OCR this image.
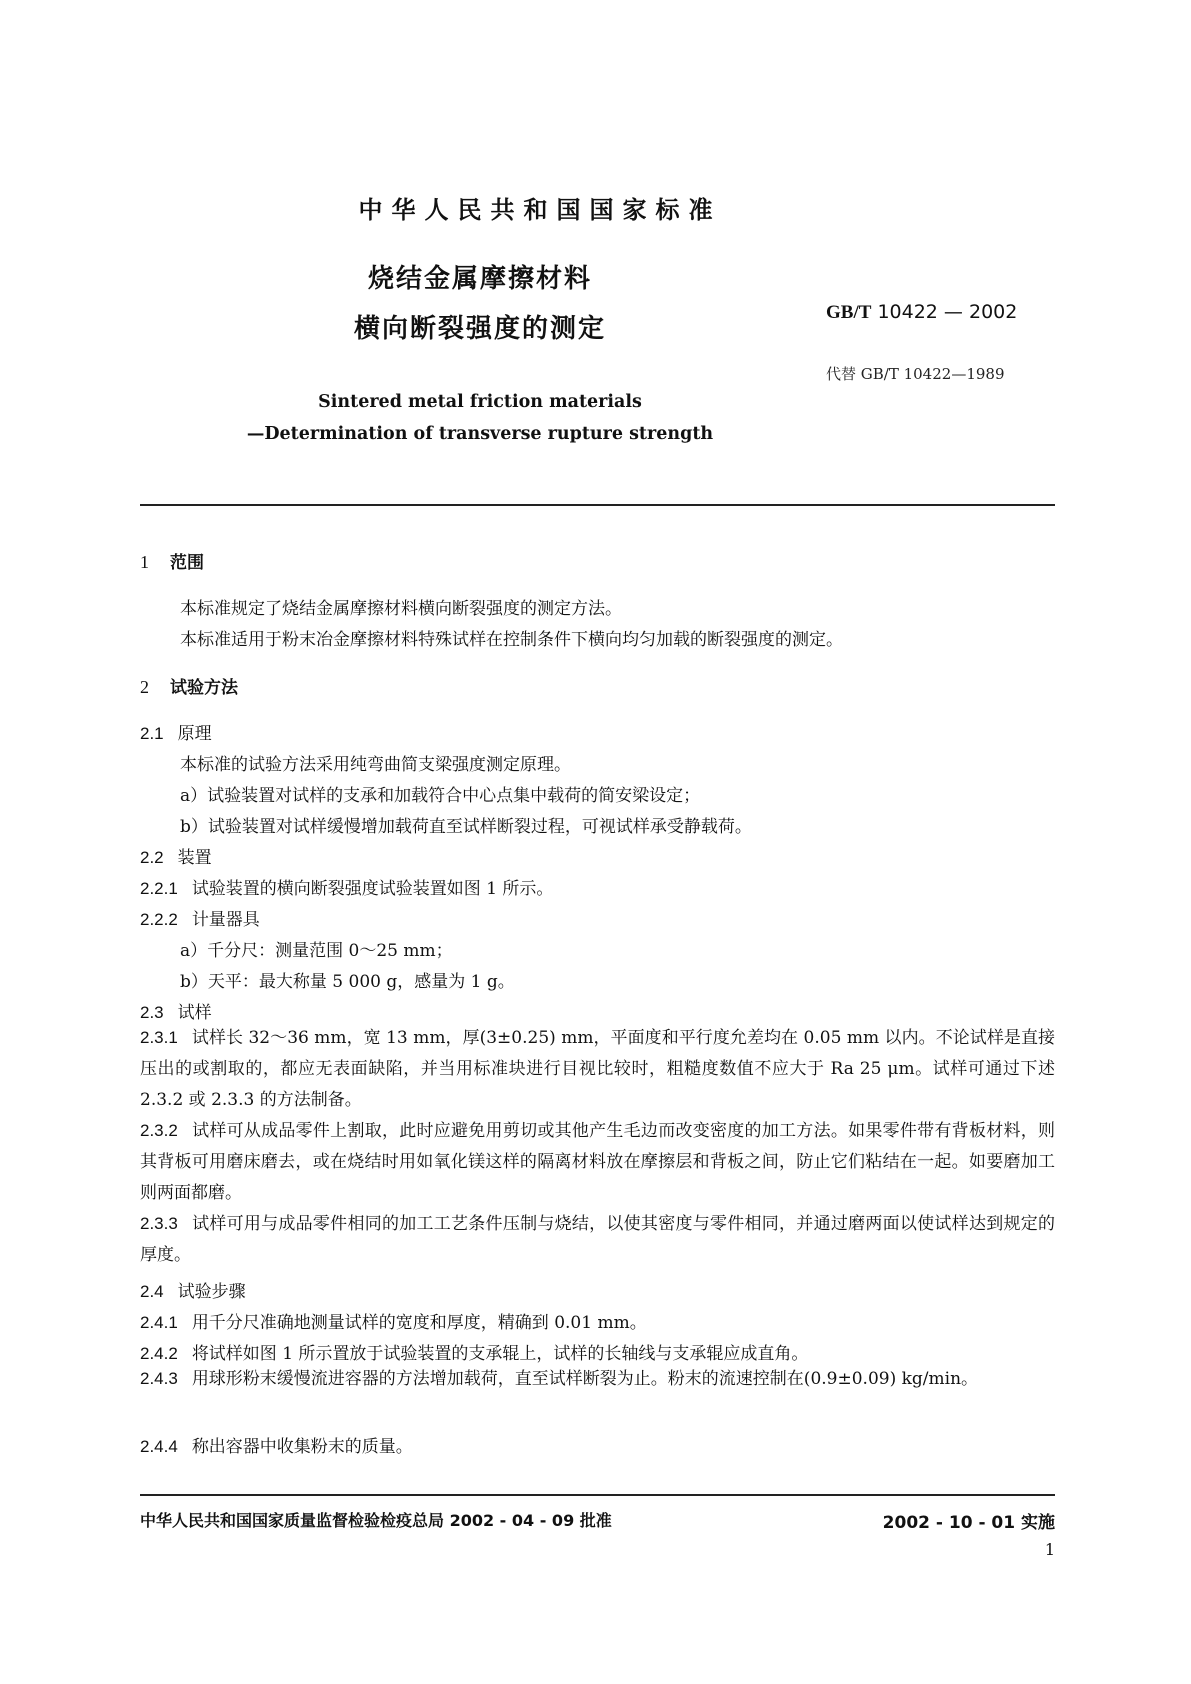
中华人民共和国国家标准
烧结金属摩擦材料
横向断裂强度的测定
GB/T 10422 — 2002
代替 GB/T 10422—1989
Sintered metal friction materials
—Determination of transverse rupture strength
1 范围
本标准规定了烧结金属摩擦材料横向断裂强度的测定方法。
本标准适用于粉末冶金摩擦材料特殊试样在控制条件下横向均匀加载的断裂强度的测定。
2 试验方法
2.1 原理
本标准的试验方法采用纯弯曲简支梁强度测定原理。
a）试验装置对试样的支承和加载符合中心点集中载荷的简安梁设定；
b）试验装置对试样缓慢增加载荷直至试样断裂过程，可视试样承受静载荷。
2.2 装置
2.2.1 试验装置的横向断裂强度试验装置如图 1 所示。
2.2.2 计量器具
a）千分尺：测量范围 0～25 mm；
b）天平：最大称量 5 000 g，感量为 1 g。
2.3 试样
2.3.1 试样长 32～36 mm，宽 13 mm，厚(3±0.25) mm，平面度和平行度允差均在 0.05 mm 以内。不论试样是直接压出的或割取的，都应无表面缺陷，并当用标准块进行目视比较时，粗糙度数值不应大于 Ra 25 μm。试样可通过下述 2.3.2 或 2.3.3 的方法制备。
2.3.2 试样可从成品零件上割取，此时应避免用剪切或其他产生毛边而改变密度的加工方法。如果零件带有背板材料，则其背板可用磨床磨去，或在烧结时用如氧化镁这样的隔离材料放在摩擦层和背板之间，防止它们粘结在一起。如要磨加工则两面都磨。
2.3.3 试样可用与成品零件相同的加工工艺条件压制与烧结，以使其密度与零件相同，并通过磨两面以使试样达到规定的厚度。
2.4 试验步骤
2.4.1 用千分尺准确地测量试样的宽度和厚度，精确到 0.01 mm。
2.4.2 将试样如图 1 所示置放于试验装置的支承辊上，试样的长轴线与支承辊应成直角。
2.4.3 用球形粉末缓慢流进容器的方法增加载荷，直至试样断裂为止。粉末的流速控制在(0.9±0.09) kg/min。
2.4.4 称出容器中收集粉末的质量。
中华人民共和国国家质量监督检验检疫总局 2002 - 04 - 09 批准	2002 - 10 - 01 实施
1
